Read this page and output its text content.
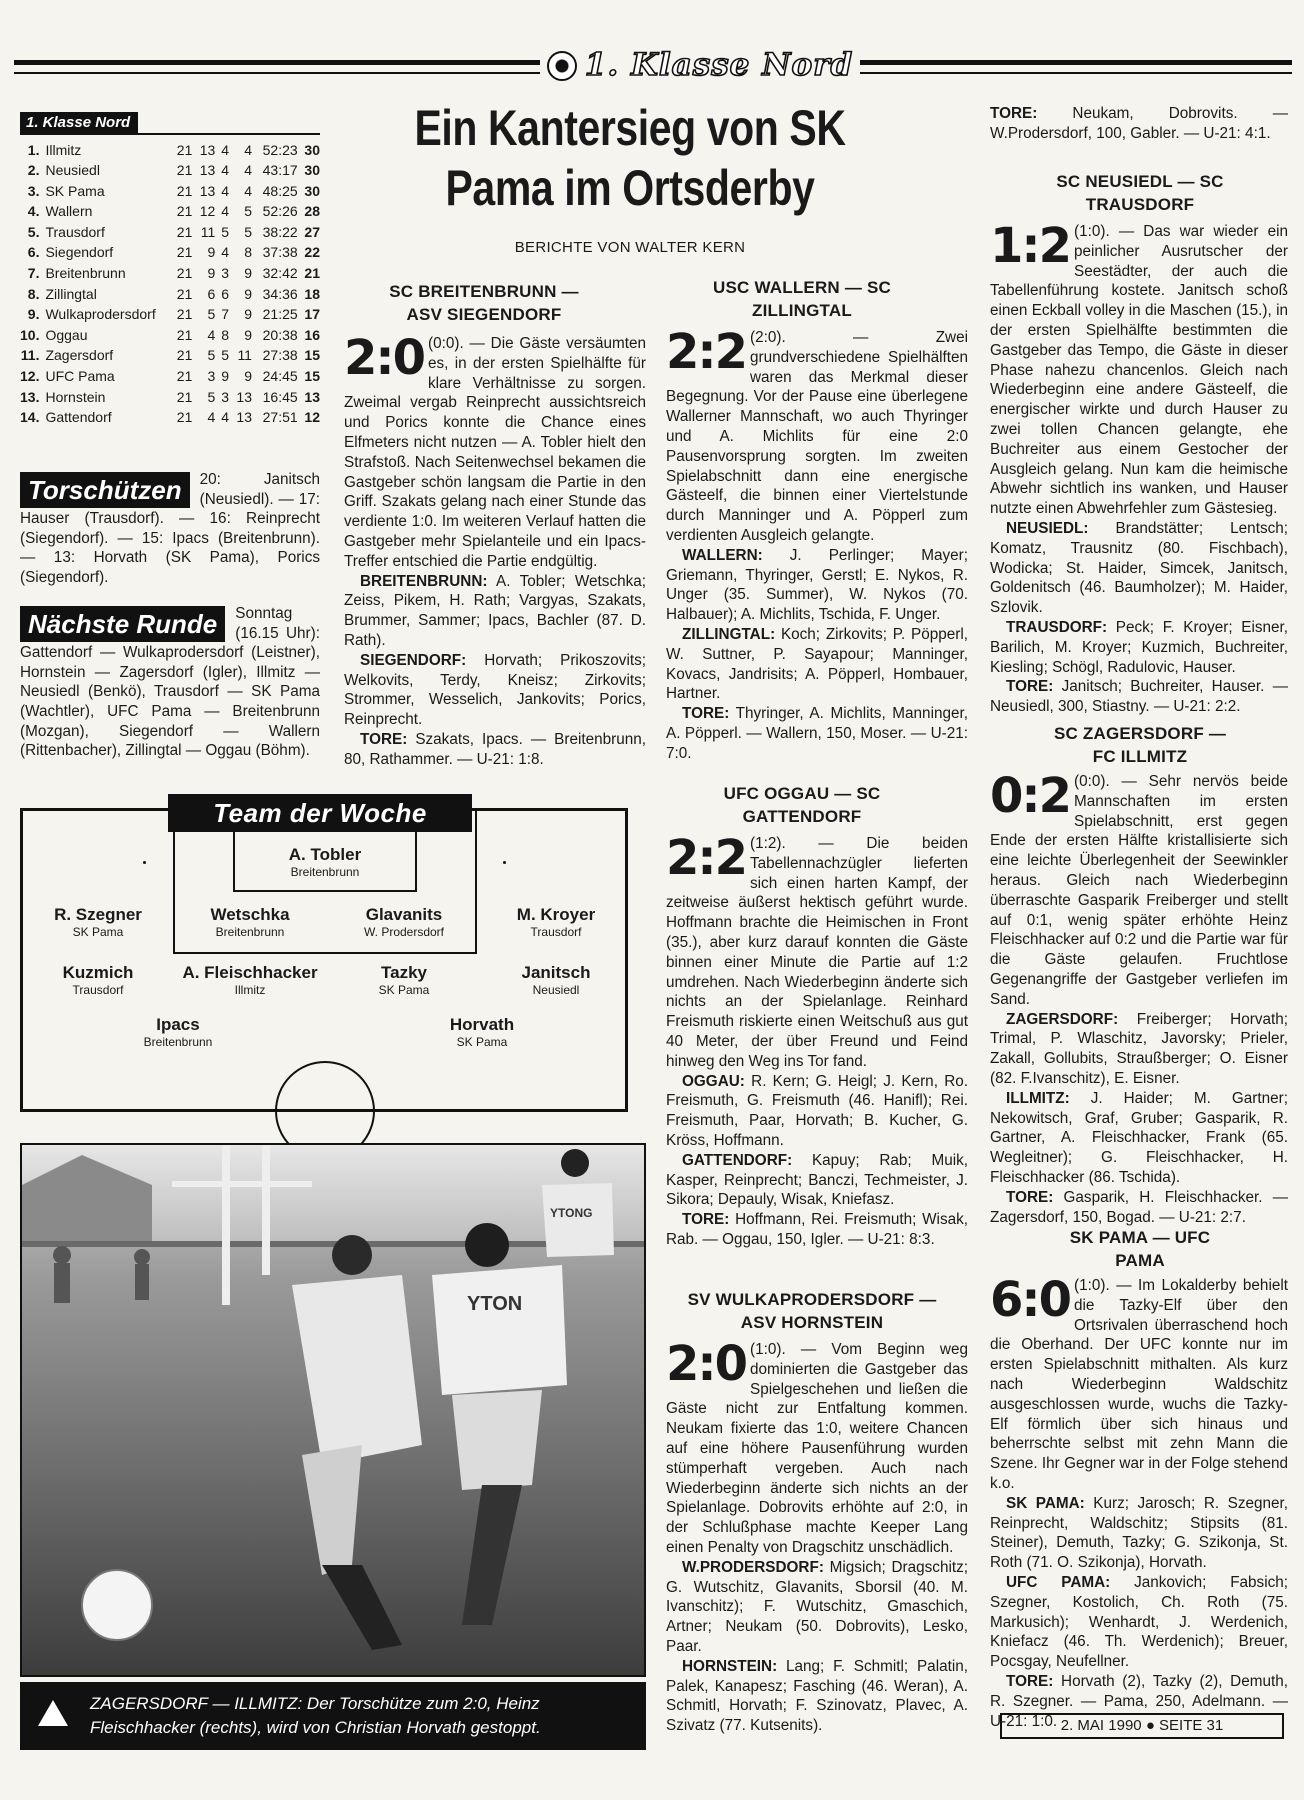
1. Klasse Nord
1. Klasse Nord
1.	Illmitz	21	13	4	4	52:23	30
2.	Neusiedl	21	13	4	4	43:17	30
3.	SK Pama	21	13	4	4	48:25	30
4.	Wallern	21	12	4	5	52:26	28
5.	Trausdorf	21	11	5	5	38:22	27
6.	Siegendorf	21	9	4	8	37:38	22
7.	Breitenbrunn	21	9	3	9	32:42	21
8.	Zillingtal	21	6	6	9	34:36	18
9.	Wulkaprodersdorf	21	5	7	9	21:25	17
10.	Oggau	21	4	8	9	20:38	16
11.	Zagersdorf	21	5	5	11	27:38	15
12.	UFC Pama	21	3	9	9	24:45	15
13.	Hornstein	21	5	3	13	16:45	13
14.	Gattendorf	21	4	4	13	27:51	12
Torschützen	20: Janitsch (Neusiedl). — 17: Hauser (Trausdorf). — 16: Reinprecht (Siegendorf). — 15: Ipacs (Breitenbrunn). — 13: Horvath (SK Pama), Porics (Siegendorf).
Nächste Runde	Sonntag (16.15 Uhr): Gattendorf — Wulkaprodersdorf (Leistner), Hornstein — Zagersdorf (Igler), Illmitz — Neusiedl (Benkö), Trausdorf — SK Pama (Wachtler), UFC Pama — Breitenbrunn (Mozgan), Siegendorf — Wallern (Rittenbacher), Zillingtal — Oggau (Böhm).
Ein Kantersieg von SK Pama im Ortsderby
BERICHTE VON WALTER KERN
A. Tobler
Breitenbrunn
R. Szegner
SK Pama
Wetschka
Breitenbrunn
Glavanits
W. Prodersdorf
M. Kroyer
Trausdorf
Kuzmich
Trausdorf
A. Fleischhacker
Illmitz
Tazky
SK Pama
Janitsch
Neusiedl
Ipacs
Breitenbrunn
Horvath
SK Pama
Team der Woche
YTON
YTONG
ZAGERSDORF — ILLMITZ: Der Torschütze zum 2:0, Heinz Fleischhacker (rechts), wird von Christian Horvath gestoppt.
SC BREITENBRUNN — ASV SIEGENDORF
2:0 (0:0). — Die Gäste versäumten es, in der ersten Spielhälfte für klare Verhältnisse zu sorgen. Zweimal vergab Reinprecht aussichtsreich und Porics konnte die Chance eines Elfmeters nicht nutzen — A. Tobler hielt den Strafstoß. Nach Seitenwechsel bekamen die Gastgeber schön langsam die Partie in den Griff. Szakats gelang nach einer Stunde das verdiente 1:0. Im weiteren Verlauf hatten die Gastgeber mehr Spielanteile und ein Ipacs-Treffer entschied die Partie endgültig.

BREITENBRUNN: A. Tobler; Wetschka; Zeiss, Pikem, H. Rath; Vargyas, Szakats, Brummer, Sammer; Ipacs, Bachler (87. D. Rath).

SIEGENDORF: Horvath; Prikoszovits; Welkovits, Terdy, Kneisz; Zirkovits; Strommer, Wesselich, Jankovits; Porics, Reinprecht.

TORE: Szakats, Ipacs. — Breitenbrunn, 80, Rathammer. — U-21: 1:8.

USC WALLERN — SC ZILLINGTAL
2:2 (2:0). — Zwei grundverschiedene Spielhälften waren das Merkmal dieser Begegnung. Vor der Pause eine überlegene Wallerner Mannschaft, wo auch Thyringer und A. Michlits für eine 2:0 Pausenvorsprung sorgten. Im zweiten Spielabschnitt dann eine energische Gästeelf, die binnen einer Viertelstunde durch Manninger und A. Pöpperl zum verdienten Ausgleich gelangte.

WALLERN: J. Perlinger; Mayer; Griemann, Thyringer, Gerstl; E. Nykos, R. Unger (35. Summer), W. Nykos (70. Halbauer); A. Michlits, Tschida, F. Unger.

ZILLINGTAL: Koch; Zirkovits; P. Pöpperl, W. Suttner, P. Sayapour; Manninger, Kovacs, Jandrisits; A. Pöpperl, Hombauer, Hartner.

TORE: Thyringer, A. Michlits, Manninger, A. Pöpperl. — Wallern, 150, Moser. — U-21: 7:0.

UFC OGGAU — SC GATTENDORF
2:2 (1:2). — Die beiden Tabellennachzügler lieferten sich einen harten Kampf, der zeitweise äußerst hektisch geführt wurde. Hoffmann brachte die Heimischen in Front (35.), aber kurz darauf konnten die Gäste binnen einer Minute die Partie auf 1:2 umdrehen. Nach Wiederbeginn änderte sich nichts an der Spielanlage. Reinhard Freismuth riskierte einen Weitschuß aus gut 40 Meter, der über Freund und Feind hinweg den Weg ins Tor fand.

OGGAU: R. Kern; G. Heigl; J. Kern, Ro. Freismuth, G. Freismuth (46. Hanifl); Rei. Freismuth, Paar, Horvath; B. Kucher, G. Kröss, Hoffmann.

GATTENDORF: Kapuy; Rab; Muik, Kasper, Reinprecht; Banczi, Techmeister, J. Sikora; Depauly, Wisak, Kniefasz.

TORE: Hoffmann, Rei. Freismuth; Wisak, Rab. — Oggau, 150, Igler. — U-21: 8:3.

SV WULKAPRODERSDORF — ASV HORNSTEIN
2:0 (1:0). — Vom Beginn weg dominierten die Gastgeber das Spielgeschehen und ließen die Gäste nicht zur Entfaltung kommen. Neukam fixierte das 1:0, weitere Chancen auf eine höhere Pausenführung wurden stümperhaft vergeben. Auch nach Wiederbeginn änderte sich nichts an der Spielanlage. Dobrovits erhöhte auf 2:0, in der Schlußphase machte Keeper Lang einen Penalty von Dragschitz unschädlich.

W.PRODERSDORF: Migsich; Dragschitz; G. Wutschitz, Glavanits, Sborsil (40. M. Ivanschitz); F. Wutschitz, Gmaschich, Artner; Neukam (50. Dobrovits), Lesko, Paar.

HORNSTEIN: Lang; F. Schmitl; Palatin, Palek, Kanapesz; Fasching (46. Weran), A. Schmitl, Horvath; F. Szinovatz, Plavec, A. Szivatz (77. Kutsenits).

TORE: Neukam, Dobrovits. — W.Prodersdorf, 100, Gabler. — U-21: 4:1.

SC NEUSIEDL — SC TRAUSDORF
1:2 (1:0). — Das war wieder ein peinlicher Ausrutscher der Seestädter, der auch die Tabellenführung kostete. Janitsch schoß einen Eckball volley in die Maschen (15.), in der ersten Spielhälfte bestimmten die Gastgeber das Tempo, die Gäste in dieser Phase nahezu chancenlos. Gleich nach Wiederbeginn eine andere Gästeelf, die energischer wirkte und durch Hauser zu zwei tollen Chancen gelangte, ehe Buchreiter aus einem Gestocher der Ausgleich gelang. Nun kam die heimische Abwehr sichtlich ins wanken, und Hauser nutzte einen Abwehrfehler zum Gästesieg.

NEUSIEDL: Brandstätter; Lentsch; Komatz, Trausnitz (80. Fischbach), Wodicka; St. Haider, Simcek, Janitsch, Goldenitsch (46. Baumholzer); M. Haider, Szlovik.

TRAUSDORF: Peck; F. Kroyer; Eisner, Barilich, M. Kroyer; Kuzmich, Buchreiter, Kiesling; Schögl, Radulovic, Hauser.

TORE: Janitsch; Buchreiter, Hauser. — Neusiedl, 300, Stiastny. — U-21: 2:2.

SC ZAGERSDORF — FC ILLMITZ
0:2 (0:0). — Sehr nervös beide Mannschaften im ersten Spielabschnitt, erst gegen Ende der ersten Hälfte kristallisierte sich eine leichte Überlegenheit der Seewinkler heraus. Gleich nach Wiederbeginn überraschte Gasparik Freiberger und stellt auf 0:1, wenig später erhöhte Heinz Fleischhacker auf 0:2 und die Partie war für die Gäste gelaufen. Fruchtlose Gegenangriffe der Gastgeber verliefen im Sand.

ZAGERSDORF: Freiberger; Horvath; Trimal, P. Wlaschitz, Javorsky; Prieler, Zakall, Gollubits, Straußberger; O. Eisner (82. F.Ivanschitz), E. Eisner.

ILLMITZ: J. Haider; M. Gartner; Nekowitsch, Graf, Gruber; Gasparik, R. Gartner, A. Fleischhacker, Frank (65. Wegleitner); G. Fleischhacker, H. Fleischhacker (86. Tschida).

TORE: Gasparik, H. Fleischhacker. — Zagersdorf, 150, Bogad. — U-21: 2:7.

SK PAMA — UFC PAMA
6:0 (1:0). — Im Lokalderby behielt die Tazky-Elf über den Ortsrivalen überraschend hoch die Oberhand. Der UFC konnte nur im ersten Spielabschnitt mithalten. Als kurz nach Wiederbeginn Waldschitz ausgeschlossen wurde, wuchs die Tazky-Elf förmlich über sich hinaus und beherrschte selbst mit zehn Mann die Szene. Ihr Gegner war in der Folge stehend k.o.

SK PAMA: Kurz; Jarosch; R. Szegner, Reinprecht, Waldschitz; Stipsits (81. Steiner), Demuth, Tazky; G. Szikonja, St. Roth (71. O. Szikonja), Horvath.

UFC PAMA: Jankovich; Fabsich; Szegner, Kostolich, Ch. Roth (75. Markusich); Wenhardt, J. Werdenich, Kniefacz (46. Th. Werdenich); Breuer, Pocsgay, Neufellner.

TORE: Horvath (2), Tazky (2), Demuth, R. Szegner. — Pama, 250, Adelmann. — U-21: 1:0. 2. MAI 1990 ● SEITE 31
